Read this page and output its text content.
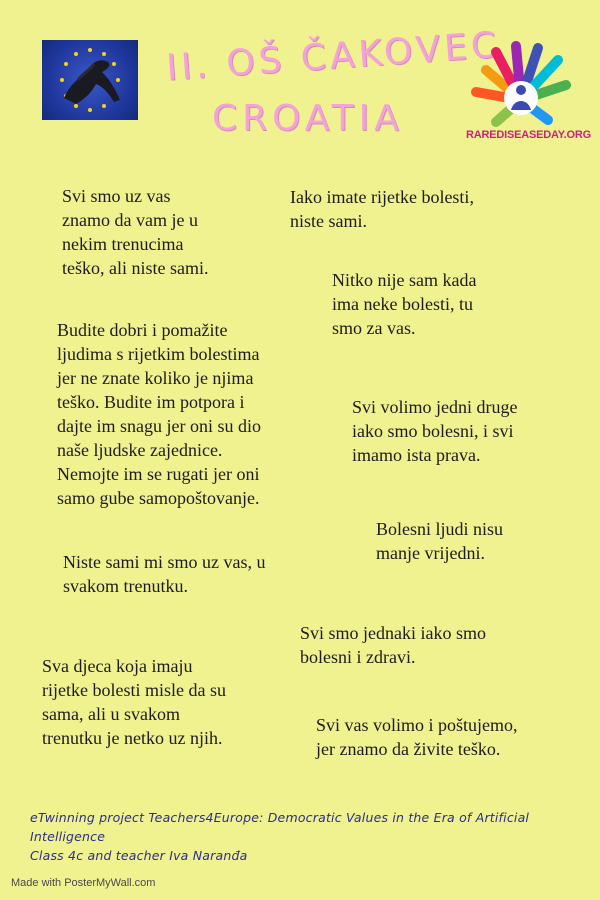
II. OŠ ČAKOVEC
CROATIA	RAREDISEASEDAY.ORG
Svi smo uz vas
znamo da vam je u
nekim trenucima
teško, ali niste sami.
Iako imate rijetke bolesti,
niste sami.
Nitko nije sam kada
ima neke bolesti, tu
smo za vas.
Budite dobri i pomažite
ljudima s rijetkim bolestima
jer ne znate koliko je njima
teško. Budite im potpora i
dajte im snagu jer oni su dio
naše ljudske zajednice.
Nemojte im se rugati jer oni
samo gube samopoštovanje.
Svi volimo jedni druge
iako smo bolesni, i svi
imamo ista prava.
Bolesni ljudi nisu
manje vrijedni.
Niste sami mi smo uz vas, u
svakom trenutku.
Svi smo jednaki iako smo
bolesni i zdravi.
Sva djeca koja imaju
rijetke bolesti misle da su
sama, ali u svakom
trenutku je netko uz njih.
Svi vas volimo i poštujemo,
jer znamo da živite teško.
eTwinning project Teachers4Europe: Democratic Values in the Era of Artificial Intelligence
Class 4c and teacher Iva Naranđa
Made with PosterMyWall.com
